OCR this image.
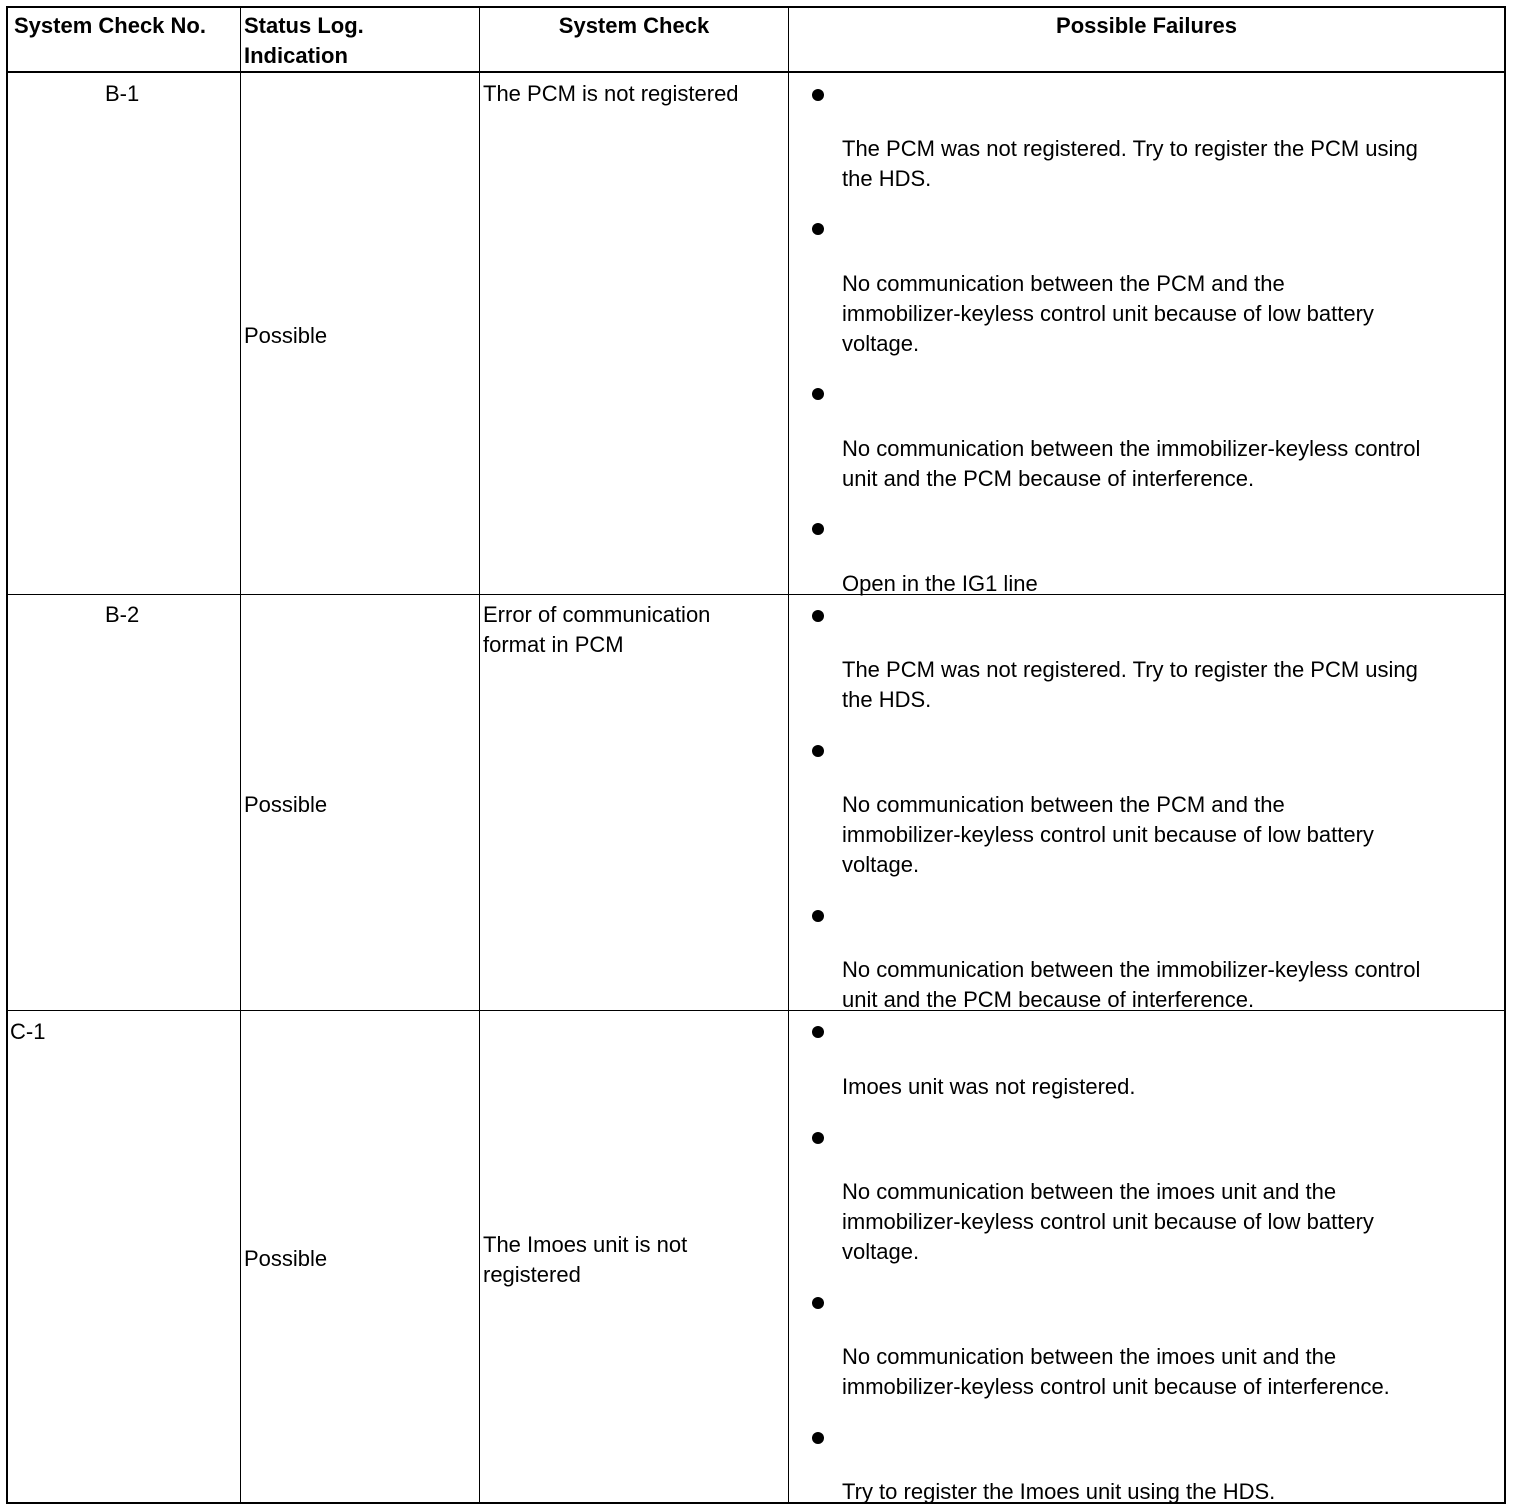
System Check No. Status Log.
Indication
System Check	Possible Failures
B-1
Possible
The PCM is not registered
The PCM was not registered. Try to register the PCM using
the HDS.
No communication between the PCM and the
immobilizer-keyless control unit because of low battery
voltage.
No communication between the immobilizer-keyless control
unit and the PCM because of interference.
Open in the IG1 line
B-2
Possible
Error of communication
format in PCM
The PCM was not registered. Try to register the PCM using
the HDS.
No communication between the PCM and the
immobilizer-keyless control unit because of low battery
voltage.
No communication between the immobilizer-keyless control
unit and the PCM because of interference.
C-1
Possible
The Imoes unit is not
registered
Imoes unit was not registered.
No communication between the imoes unit and the
immobilizer-keyless control unit because of low battery
voltage.
No communication between the imoes unit and the
immobilizer-keyless control unit because of interference.
Try to register the Imoes unit using the HDS.
